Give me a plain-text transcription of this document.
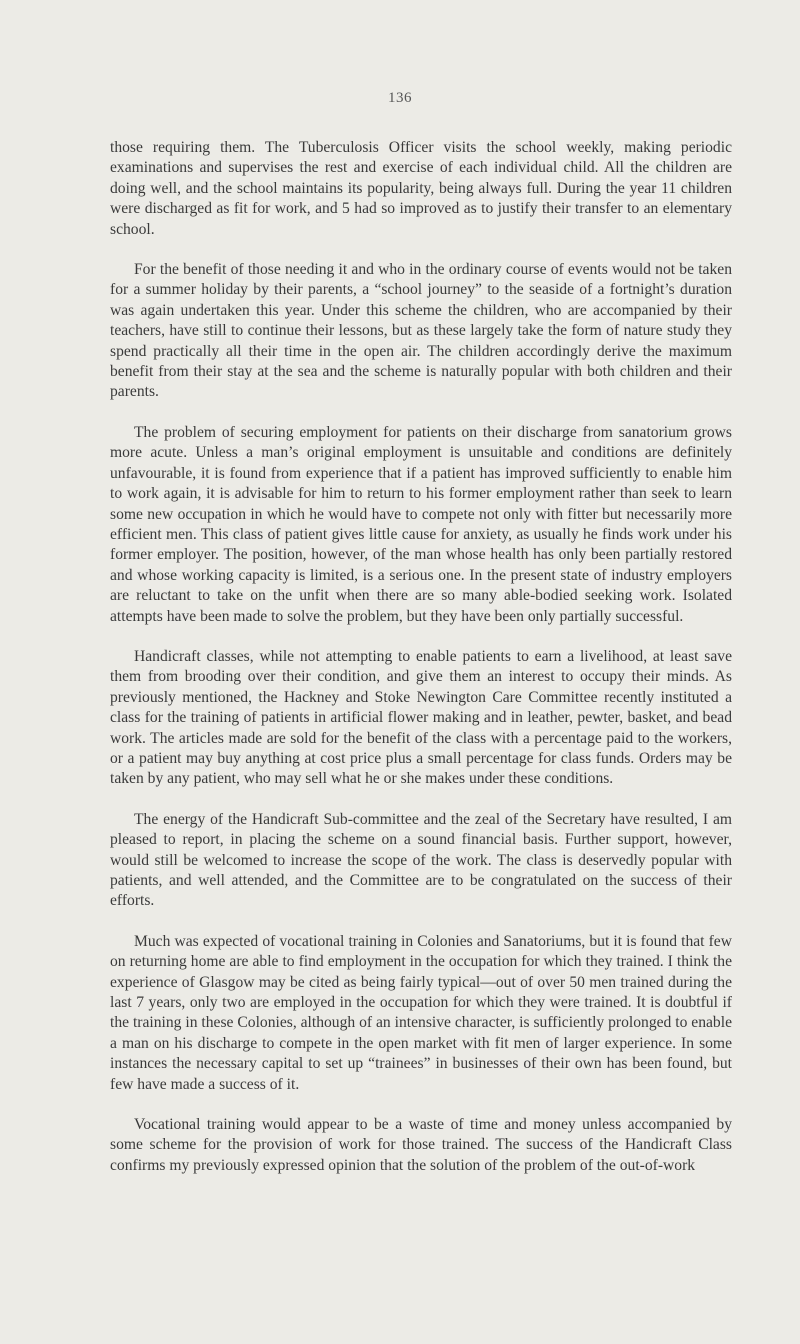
136

those requiring them. The Tuberculosis Officer visits the school weekly, making periodic examinations and supervises the rest and exercise of each individual child. All the children are doing well, and the school maintains its popularity, being always full. During the year 11 children were discharged as fit for work, and 5 had so improved as to justify their transfer to an elementary school.

For the benefit of those needing it and who in the ordinary course of events would not be taken for a summer holiday by their parents, a “school journey” to the seaside of a fortnight’s duration was again undertaken this year. Under this scheme the children, who are accompanied by their teachers, have still to continue their lessons, but as these largely take the form of nature study they spend practically all their time in the open air. The children accordingly derive the maximum benefit from their stay at the sea and the scheme is naturally popular with both children and their parents.

The problem of securing employment for patients on their discharge from sanatorium grows more acute. Unless a man’s original employment is unsuitable and conditions are definitely unfavourable, it is found from experience that if a patient has improved sufficiently to enable him to work again, it is advisable for him to return to his former employment rather than seek to learn some new occupation in which he would have to compete not only with fitter but necessarily more efficient men. This class of patient gives little cause for anxiety, as usually he finds work under his former employer. The position, however, of the man whose health has only been partially restored and whose working capacity is limited, is a serious one. In the present state of industry employers are reluctant to take on the unfit when there are so many able-bodied seeking work. Isolated attempts have been made to solve the problem, but they have been only partially successful.

Handicraft classes, while not attempting to enable patients to earn a livelihood, at least save them from brooding over their condition, and give them an interest to occupy their minds. As previously mentioned, the Hackney and Stoke Newington Care Committee recently instituted a class for the training of patients in artificial flower making and in leather, pewter, basket, and bead work. The articles made are sold for the benefit of the class with a percentage paid to the workers, or a patient may buy anything at cost price plus a small percentage for class funds. Orders may be taken by any patient, who may sell what he or she makes under these conditions.

The energy of the Handicraft Sub-committee and the zeal of the Secretary have resulted, I am pleased to report, in placing the scheme on a sound financial basis. Further support, however, would still be welcomed to increase the scope of the work. The class is deservedly popular with patients, and well attended, and the Committee are to be congratulated on the success of their efforts.

Much was expected of vocational training in Colonies and Sanatoriums, but it is found that few on returning home are able to find employment in the occupation for which they trained. I think the experience of Glasgow may be cited as being fairly typical—out of over 50 men trained during the last 7 years, only two are employed in the occupation for which they were trained. It is doubtful if the training in these Colonies, although of an intensive character, is sufficiently prolonged to enable a man on his discharge to compete in the open market with fit men of larger experience. In some instances the necessary capital to set up “trainees” in businesses of their own has been found, but few have made a success of it.

Vocational training would appear to be a waste of time and money unless accompanied by some scheme for the provision of work for those trained. The success of the Handicraft Class confirms my previously expressed opinion that the solution of the problem of the out-of-work
